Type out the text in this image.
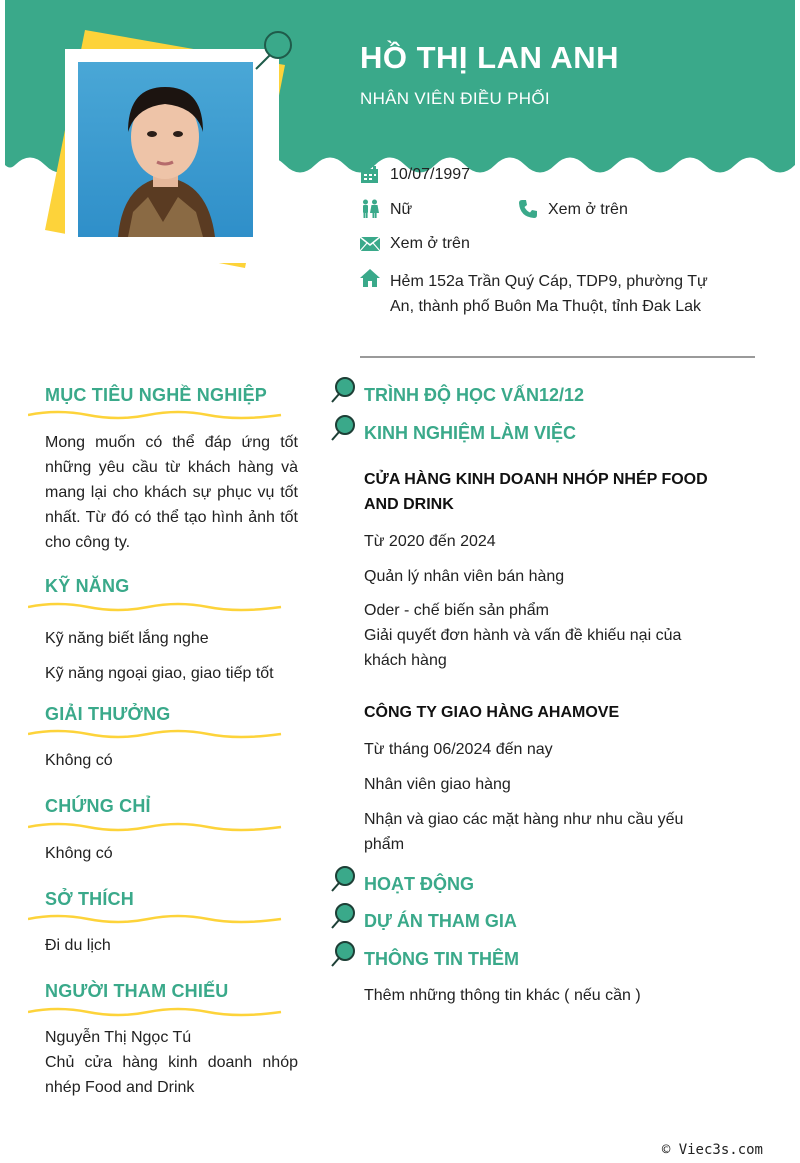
HỒ THỊ LAN ANH
NHÂN VIÊN ĐIỀU PHỐI
10/07/1997
Nữ	Xem ở trên
Xem ở trên
Hẻm 152a Trần Quý Cáp, TDP9, phường Tự An, thành phố Buôn Ma Thuột, tỉnh Đak Lak
MỤC TIÊU NGHỀ NGHIỆP
Mong muốn có thể đáp ứng tốt những yêu cầu từ khách hàng và mang lại cho khách sự phục vụ tốt nhất. Từ đó có thể tạo hình ảnh tốt cho công ty.
KỸ NĂNG
Kỹ năng biết lắng nghe
Kỹ năng ngoại giao, giao tiếp tốt
GIẢI THƯỞNG
Không có
CHỨNG CHỈ
Không có
SỞ THÍCH
Đi du lịch
NGƯỜI THAM CHIẾU
Nguyễn Thị Ngọc Tú
Chủ cửa hàng kinh doanh nhóp nhép Food and Drink
TRÌNH ĐỘ HỌC VẤN12/12
KINH NGHIỆM LÀM VIỆC
CỬA HÀNG KINH DOANH NHÓP NHÉP FOOD AND DRINK
Từ 2020 đến 2024
Quản lý nhân viên bán hàng
Oder - chế biến sản phẩm
Giải quyết đơn hành và vấn đề khiếu nại của khách hàng
CÔNG TY GIAO HÀNG AHAMOVE
Từ tháng 06/2024 đến nay
Nhân viên giao hàng
Nhận và giao các mặt hàng như nhu cầu yếu phẩm
HOẠT ĐỘNG
DỰ ÁN THAM GIA
THÔNG TIN THÊM
Thêm những thông tin khác ( nếu cần )
© Viec3s.com
